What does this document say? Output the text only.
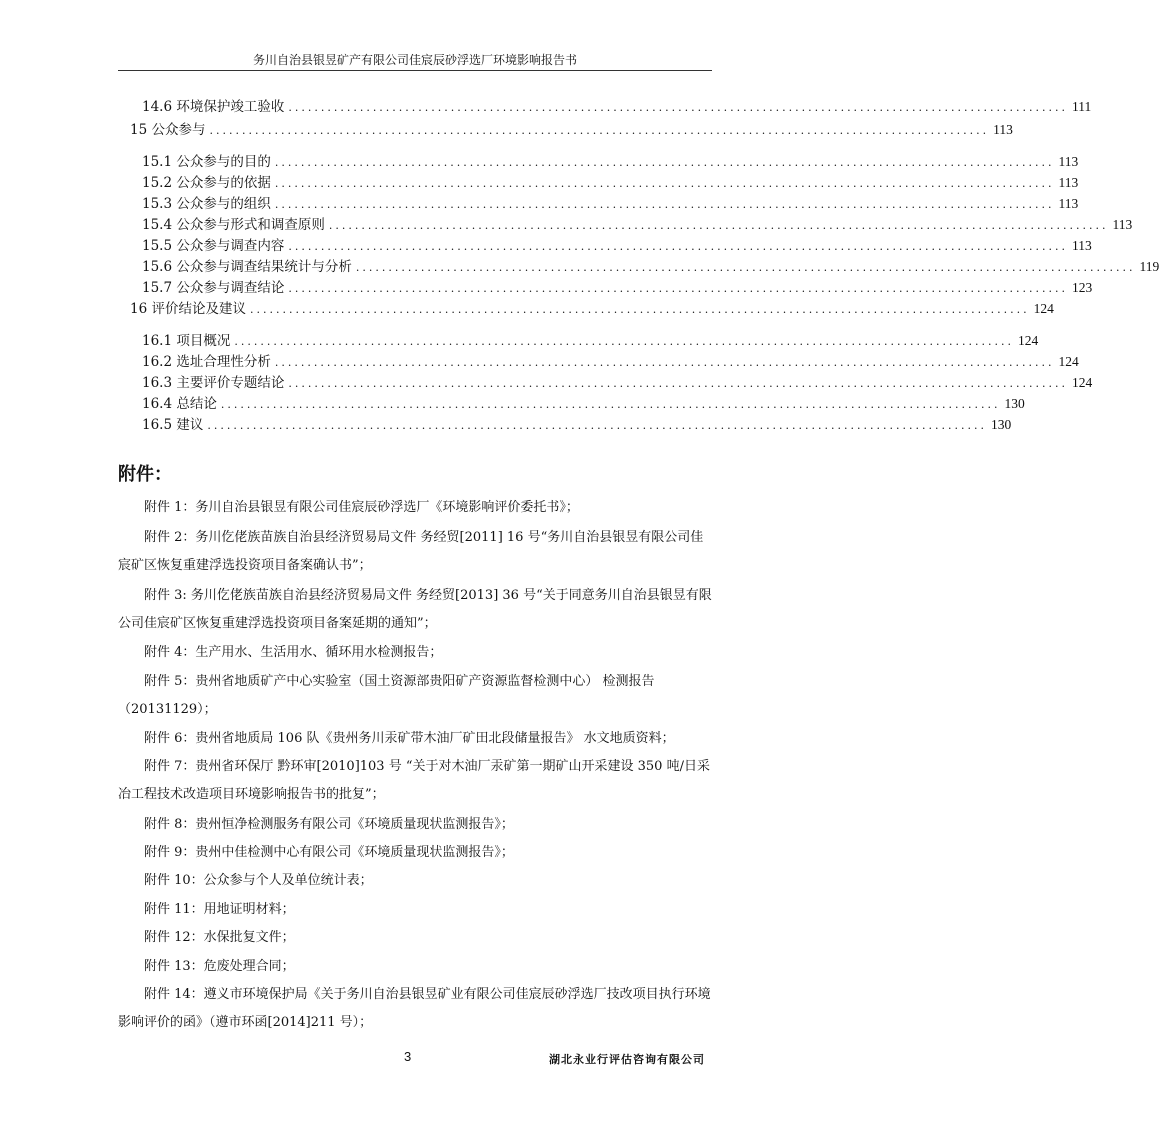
务川自治县银昱矿产有限公司佳宸辰砂浮选厂环境影响报告书
14.6 环境保护竣工验收 ........................................................................................................................ 111
15 公众参与 ........................................................................................................................ 113
15.1 公众参与的目的 ........................................................................................................................ 113
15.2 公众参与的依据 ........................................................................................................................ 113
15.3 公众参与的组织 ........................................................................................................................ 113
15.4 公众参与形式和调查原则 ........................................................................................................................ 113
15.5 公众参与调查内容 ........................................................................................................................ 113
15.6 公众参与调查结果统计与分析 ........................................................................................................................ 119
15.7 公众参与调查结论 ........................................................................................................................ 123
16 评价结论及建议 ........................................................................................................................ 124
16.1 项目概况 ........................................................................................................................ 124
16.2 选址合理性分析 ........................................................................................................................ 124
16.3 主要评价专题结论 ........................................................................................................................ 124
16.4 总结论 ........................................................................................................................ 130
16.5 建议 ........................................................................................................................ 130
附件：
附件 1：务川自治县银昱有限公司佳宸辰砂浮选厂《环境影响评价委托书》；
附件 2：务川仡佬族苗族自治县经济贸易局文件 务经贸[2011] 16 号“务川自治县银昱有限公司佳宸矿区恢复重建浮选投资项目备案确认书”；
附件 3: 务川仡佬族苗族自治县经济贸易局文件 务经贸[2013] 36 号“关于同意务川自治县银昱有限公司佳宸矿区恢复重建浮选投资项目备案延期的通知”；
附件 4：生产用水、生活用水、循环用水检测报告；
附件 5：贵州省地质矿产中心实验室（国土资源部贵阳矿产资源监督检测中心） 检测报告（20131129）；
附件 6：贵州省地质局 106 队《贵州务川汞矿带木油厂矿田北段储量报告》 水文地质资料；
附件 7：贵州省环保厅 黔环审[2010]103 号 “关于对木油厂汞矿第一期矿山开采建设 350 吨/日采冶工程技术改造项目环境影响报告书的批复”；
附件 8：贵州恒净检测服务有限公司《环境质量现状监测报告》；
附件 9：贵州中佳检测中心有限公司《环境质量现状监测报告》；
附件 10：公众参与个人及单位统计表；
附件 11：用地证明材料；
附件 12：水保批复文件；
附件 13：危废处理合同；
附件 14：遵义市环境保护局《关于务川自治县银昱矿业有限公司佳宸辰砂浮选厂技改项目执行环境影响评价的函》（遵市环函[2014]211 号）；
3	湖北永业行评估咨询有限公司
